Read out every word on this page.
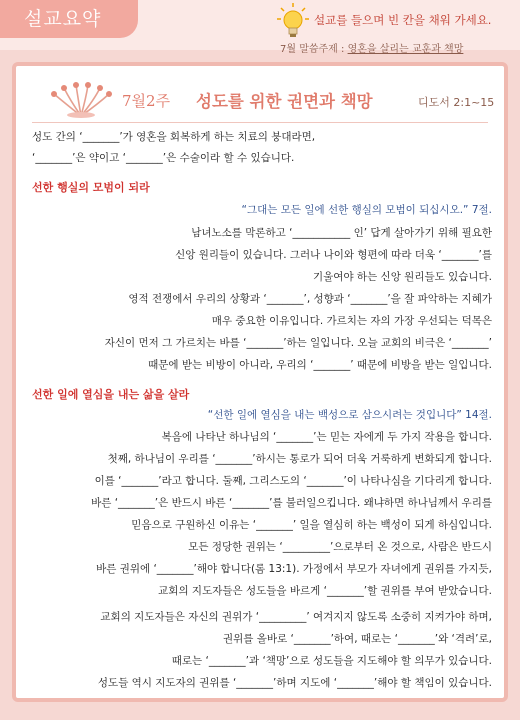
설교요약	설교를 들으며 빈 칸을 채워 가세요.
7월 말씀주제 : 영혼을 살리는 교훈과 책망
7월2주 성도를 위한 권면과 책망	디도서 2:1~15
성도 간의 ‘_______’가 영혼을 회복하게 하는 치료의 붕대라면,
‘_______’은 약이고 ‘_______’은 수술이라 할 수 있습니다.
선한 행실의 모범이 되라
“그대는 모든 일에 선한 행실의 모범이 되십시오.” 7절.
남녀노소를 막론하고 ‘___________ 인’ 답게 살아가기 위해 필요한
신앙 원리들이 있습니다. 그러나 나이와 형편에 따라 더욱 ‘_______’를
기울여야 하는 신앙 원리들도 있습니다.
영적 전쟁에서 우리의 상황과 ‘_______’, 성향과 ‘_______’을 잘 파악하는 지혜가
매우 중요한 이유입니다. 가르치는 자의 가장 우선되는 덕목은
자신이 먼저 그 가르치는 바를 ‘_______’하는 일입니다. 오늘 교회의 비극은 ‘_______’
때문에 받는 비방이 아니라, 우리의 ‘_______’ 때문에 비방을 받는 일입니다.
선한 일에 열심을 내는 삶을 살라
“선한 일에 열심을 내는 백성으로 삼으시려는 것입니다” 14절.
복음에 나타난 하나님의 ‘_______’는 믿는 자에게 두 가지 작용을 합니다.
첫째, 하나님이 우리를 ‘_______’하시는 통로가 되어 더욱 거룩하게 변화되게 합니다.
이를 ‘_______’라고 합니다. 둘째, 그리스도의 ‘_______’이 나타나심을 기다리게 합니다.
바른 ‘_______’은 반드시 바른 ‘_______’를 불러일으킵니다. 왜냐하면 하나님께서 우리를
믿음으로 구원하신 이유는 ‘_______’ 일을 열심히 하는 백성이 되게 하심입니다.
모든 정당한 권위는 ‘_________’으로부터 온 것으로, 사람은 반드시
바른 권위에 ‘_______’해야 합니다(롬 13:1). 가정에서 부모가 자녀에게 권위를 가지듯,
교회의 지도자들은 성도들을 바르게 ‘_______’할 권위를 부여 받았습니다.
교회의 지도자들은 자신의 권위가 ‘_________’ 여겨지지 않도록 소중히 지켜가야 하며,
권위를 올바로 ‘_______’하여, 때로는 ‘_______’와 ‘격려’로,
때로는 ‘_______’과 ‘책망’으로 성도들을 지도해야 할 의무가 있습니다.
성도들 역시 지도자의 권위를 ‘_______’하며 지도에 ‘_______’해야 할 책임이 있습니다.
